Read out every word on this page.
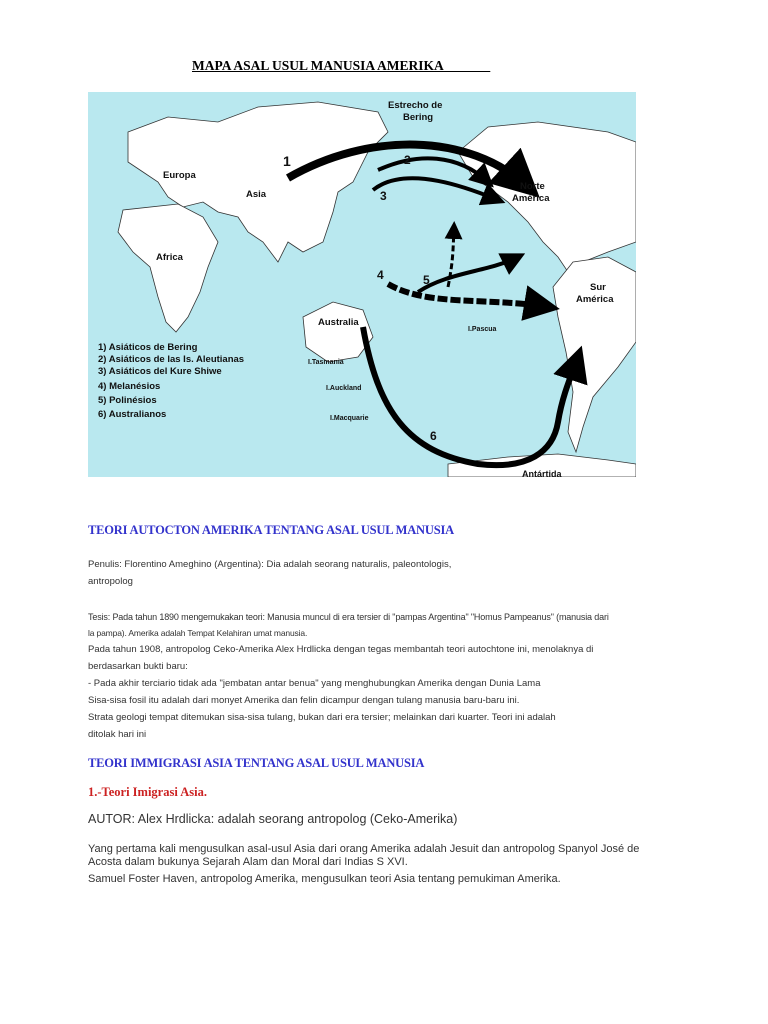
MAPA ASAL USUL MANUSIA AMERIKA
Estrecho de
Bering
Europa
Asia
Africa
Australia
Norte
América
Sur
América
Antártida
I.Tasmania
I.Auckland
I.Macquarie
I.Pascua
1	2
3
4	5
6
1) Asiáticos de Bering
2) Asiáticos de las Is. Aleutianas
3) Asiáticos del Kure Shiwe
4) Melanésios
5) Polinésios
6) Australianos
TEORI AUTOCTON AMERIKA TENTANG ASAL USUL MANUSIA
Penulis: Florentino Ameghino (Argentina): Dia adalah seorang naturalis, paleontologis,
antropolog
Tesis: Pada tahun 1890 mengemukakan teori: Manusia muncul di era tersier di "pampas Argentina" "Homus Pampeanus" (manusia dari
la pampa). Amerika adalah Tempat Kelahiran umat manusia.
Pada tahun 1908, antropolog Ceko-Amerika Alex Hrdlicka dengan tegas membantah teori autochtone ini, menolaknya di
berdasarkan bukti baru:
- Pada akhir terciario tidak ada "jembatan antar benua" yang menghubungkan Amerika dengan Dunia Lama
Sisa-sisa fosil itu adalah dari monyet Amerika dan felin dicampur dengan tulang manusia baru-baru ini.
Strata geologi tempat ditemukan sisa-sisa tulang, bukan dari era tersier; melainkan dari kuarter. Teori ini adalah
ditolak hari ini
TEORI IMMIGRASI ASIA TENTANG ASAL USUL MANUSIA
1.-Teori Imigrasi Asia.
AUTOR: Alex Hrdlicka: adalah seorang antropolog (Ceko-Amerika)
Yang pertama kali mengusulkan asal-usul Asia dari orang Amerika adalah Jesuit dan antropolog Spanyol José de
Acosta dalam bukunya Sejarah Alam dan Moral dari Indias S XVI.
Samuel Foster Haven, antropolog Amerika, mengusulkan teori Asia tentang pemukiman Amerika.
